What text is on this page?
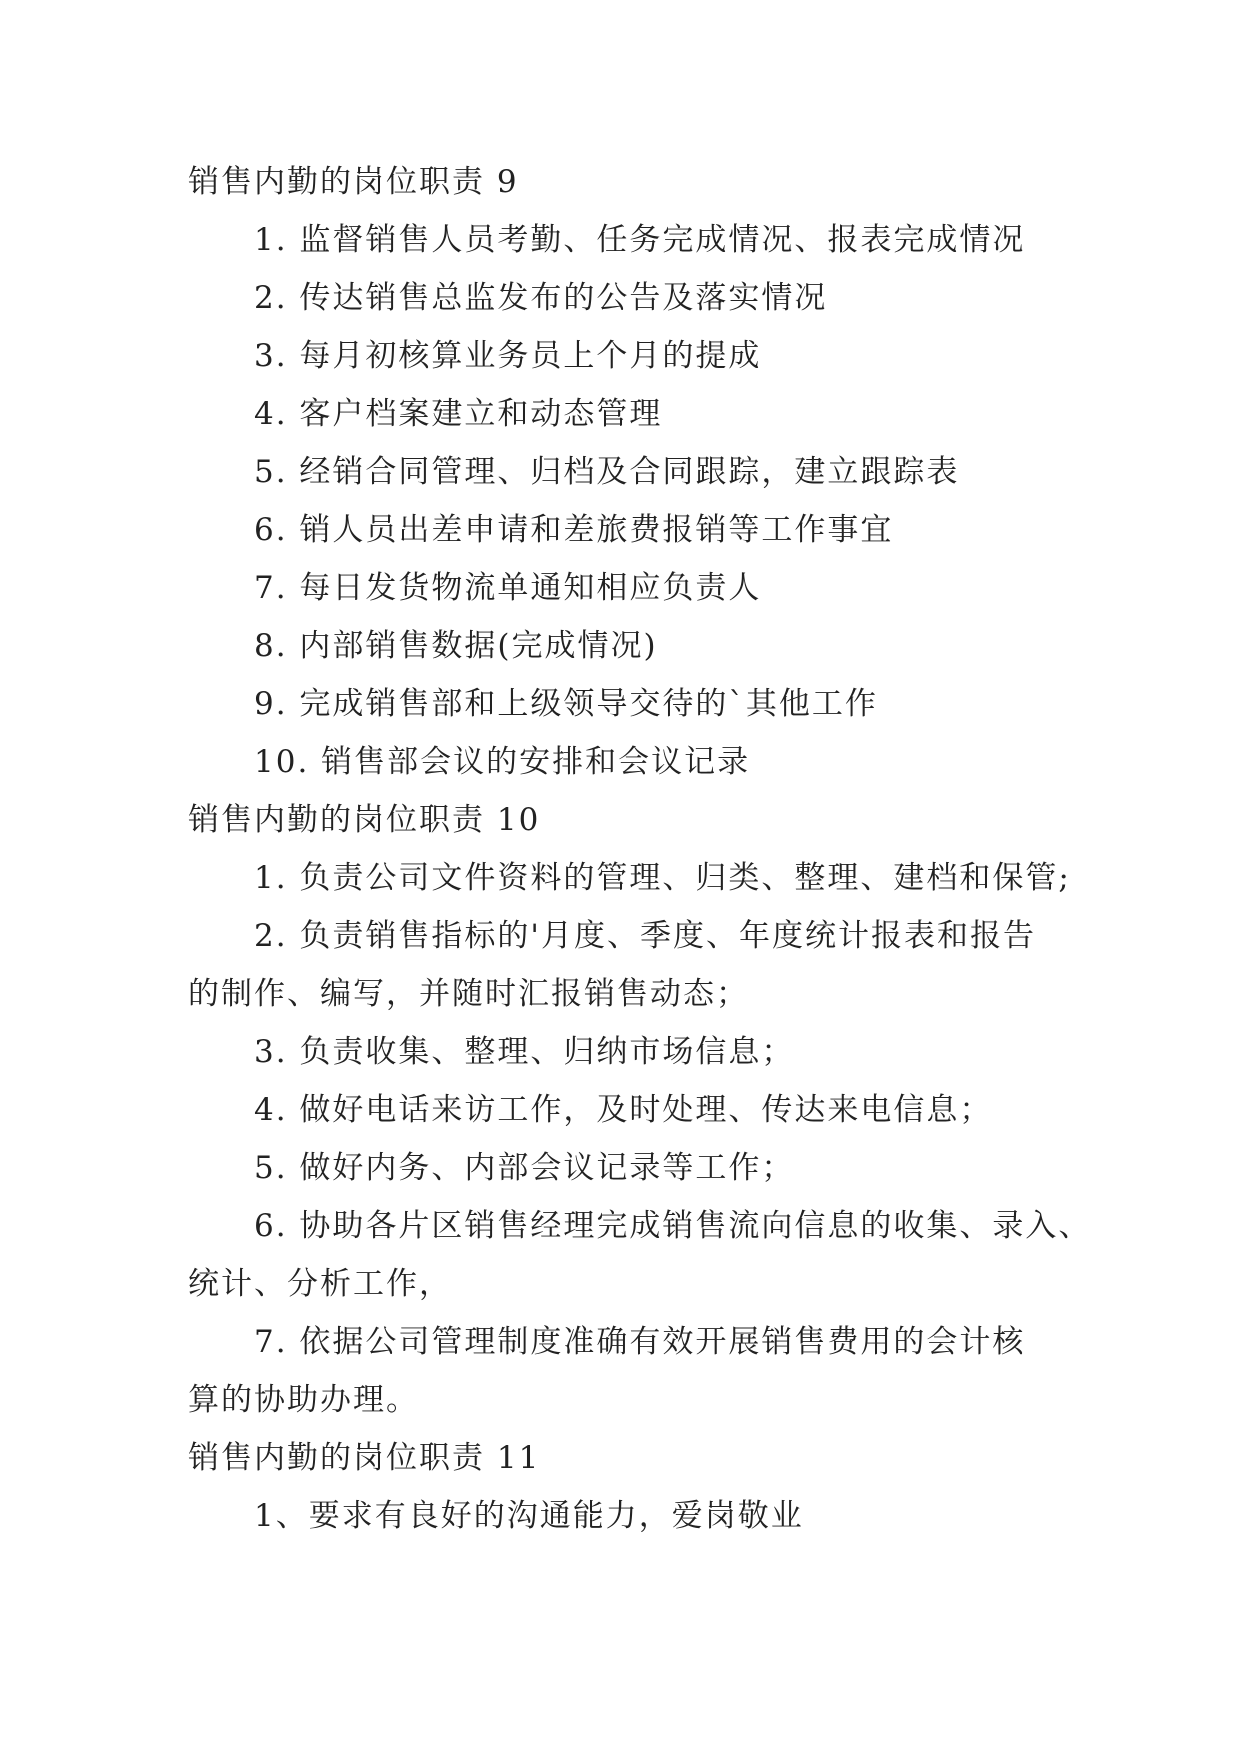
销售内勤的岗位职责 9
1. 监督销售人员考勤、任务完成情况、报表完成情况
2. 传达销售总监发布的公告及落实情况
3. 每月初核算业务员上个月的提成
4. 客户档案建立和动态管理
5. 经销合同管理、归档及合同跟踪，建立跟踪表
6. 销人员出差申请和差旅费报销等工作事宜
7. 每日发货物流单通知相应负责人
8. 内部销售数据(完成情况)
9. 完成销售部和上级领导交待的`其他工作
10. 销售部会议的安排和会议记录
销售内勤的岗位职责 10
1. 负责公司文件资料的管理、归类、整理、建档和保管;
2. 负责销售指标的'月度、季度、年度统计报表和报告
的制作、编写，并随时汇报销售动态；
3. 负责收集、整理、归纳市场信息；
4. 做好电话来访工作，及时处理、传达来电信息；
5. 做好内务、内部会议记录等工作；
6. 协助各片区销售经理完成销售流向信息的收集、录入、
统计、分析工作，
7. 依据公司管理制度准确有效开展销售费用的会计核
算的协助办理。
销售内勤的岗位职责 11
1、要求有良好的沟通能力，爱岗敬业
